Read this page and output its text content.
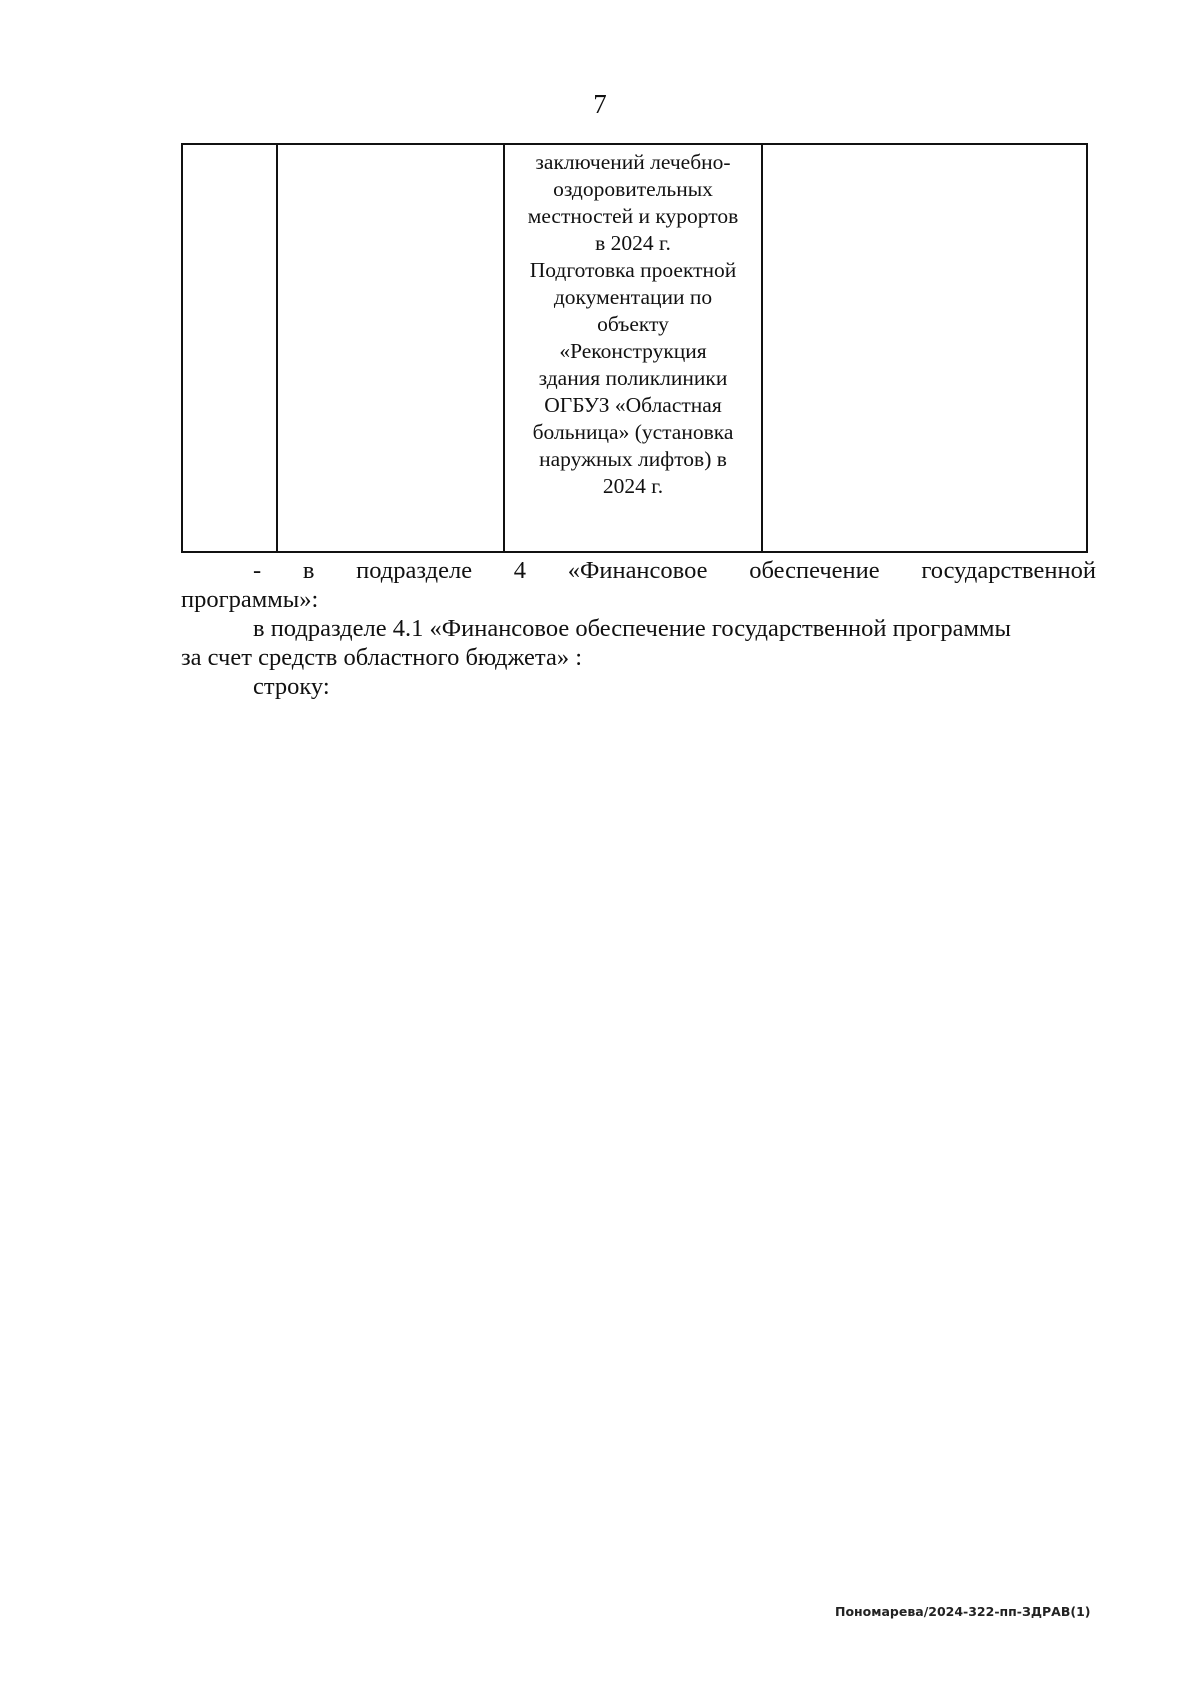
7

заключений лечебно-

оздоровительных

местностей и курортов

в 2024 г.

Подготовка проектной

документации по

объекту

«Реконструкция

здания поликлиники

ОГБУЗ «Областная

больница» (установка

наружных лифтов) в

2024 г.

- в подразделе 4 «Финансовое обеспечение государственной

программы»:

в подразделе 4.1 «Финансовое обеспечение государственной программы

за счет средств областного бюджета» :

строку:

Пономарева/2024-322-пп-ЗДРАВ(1)
